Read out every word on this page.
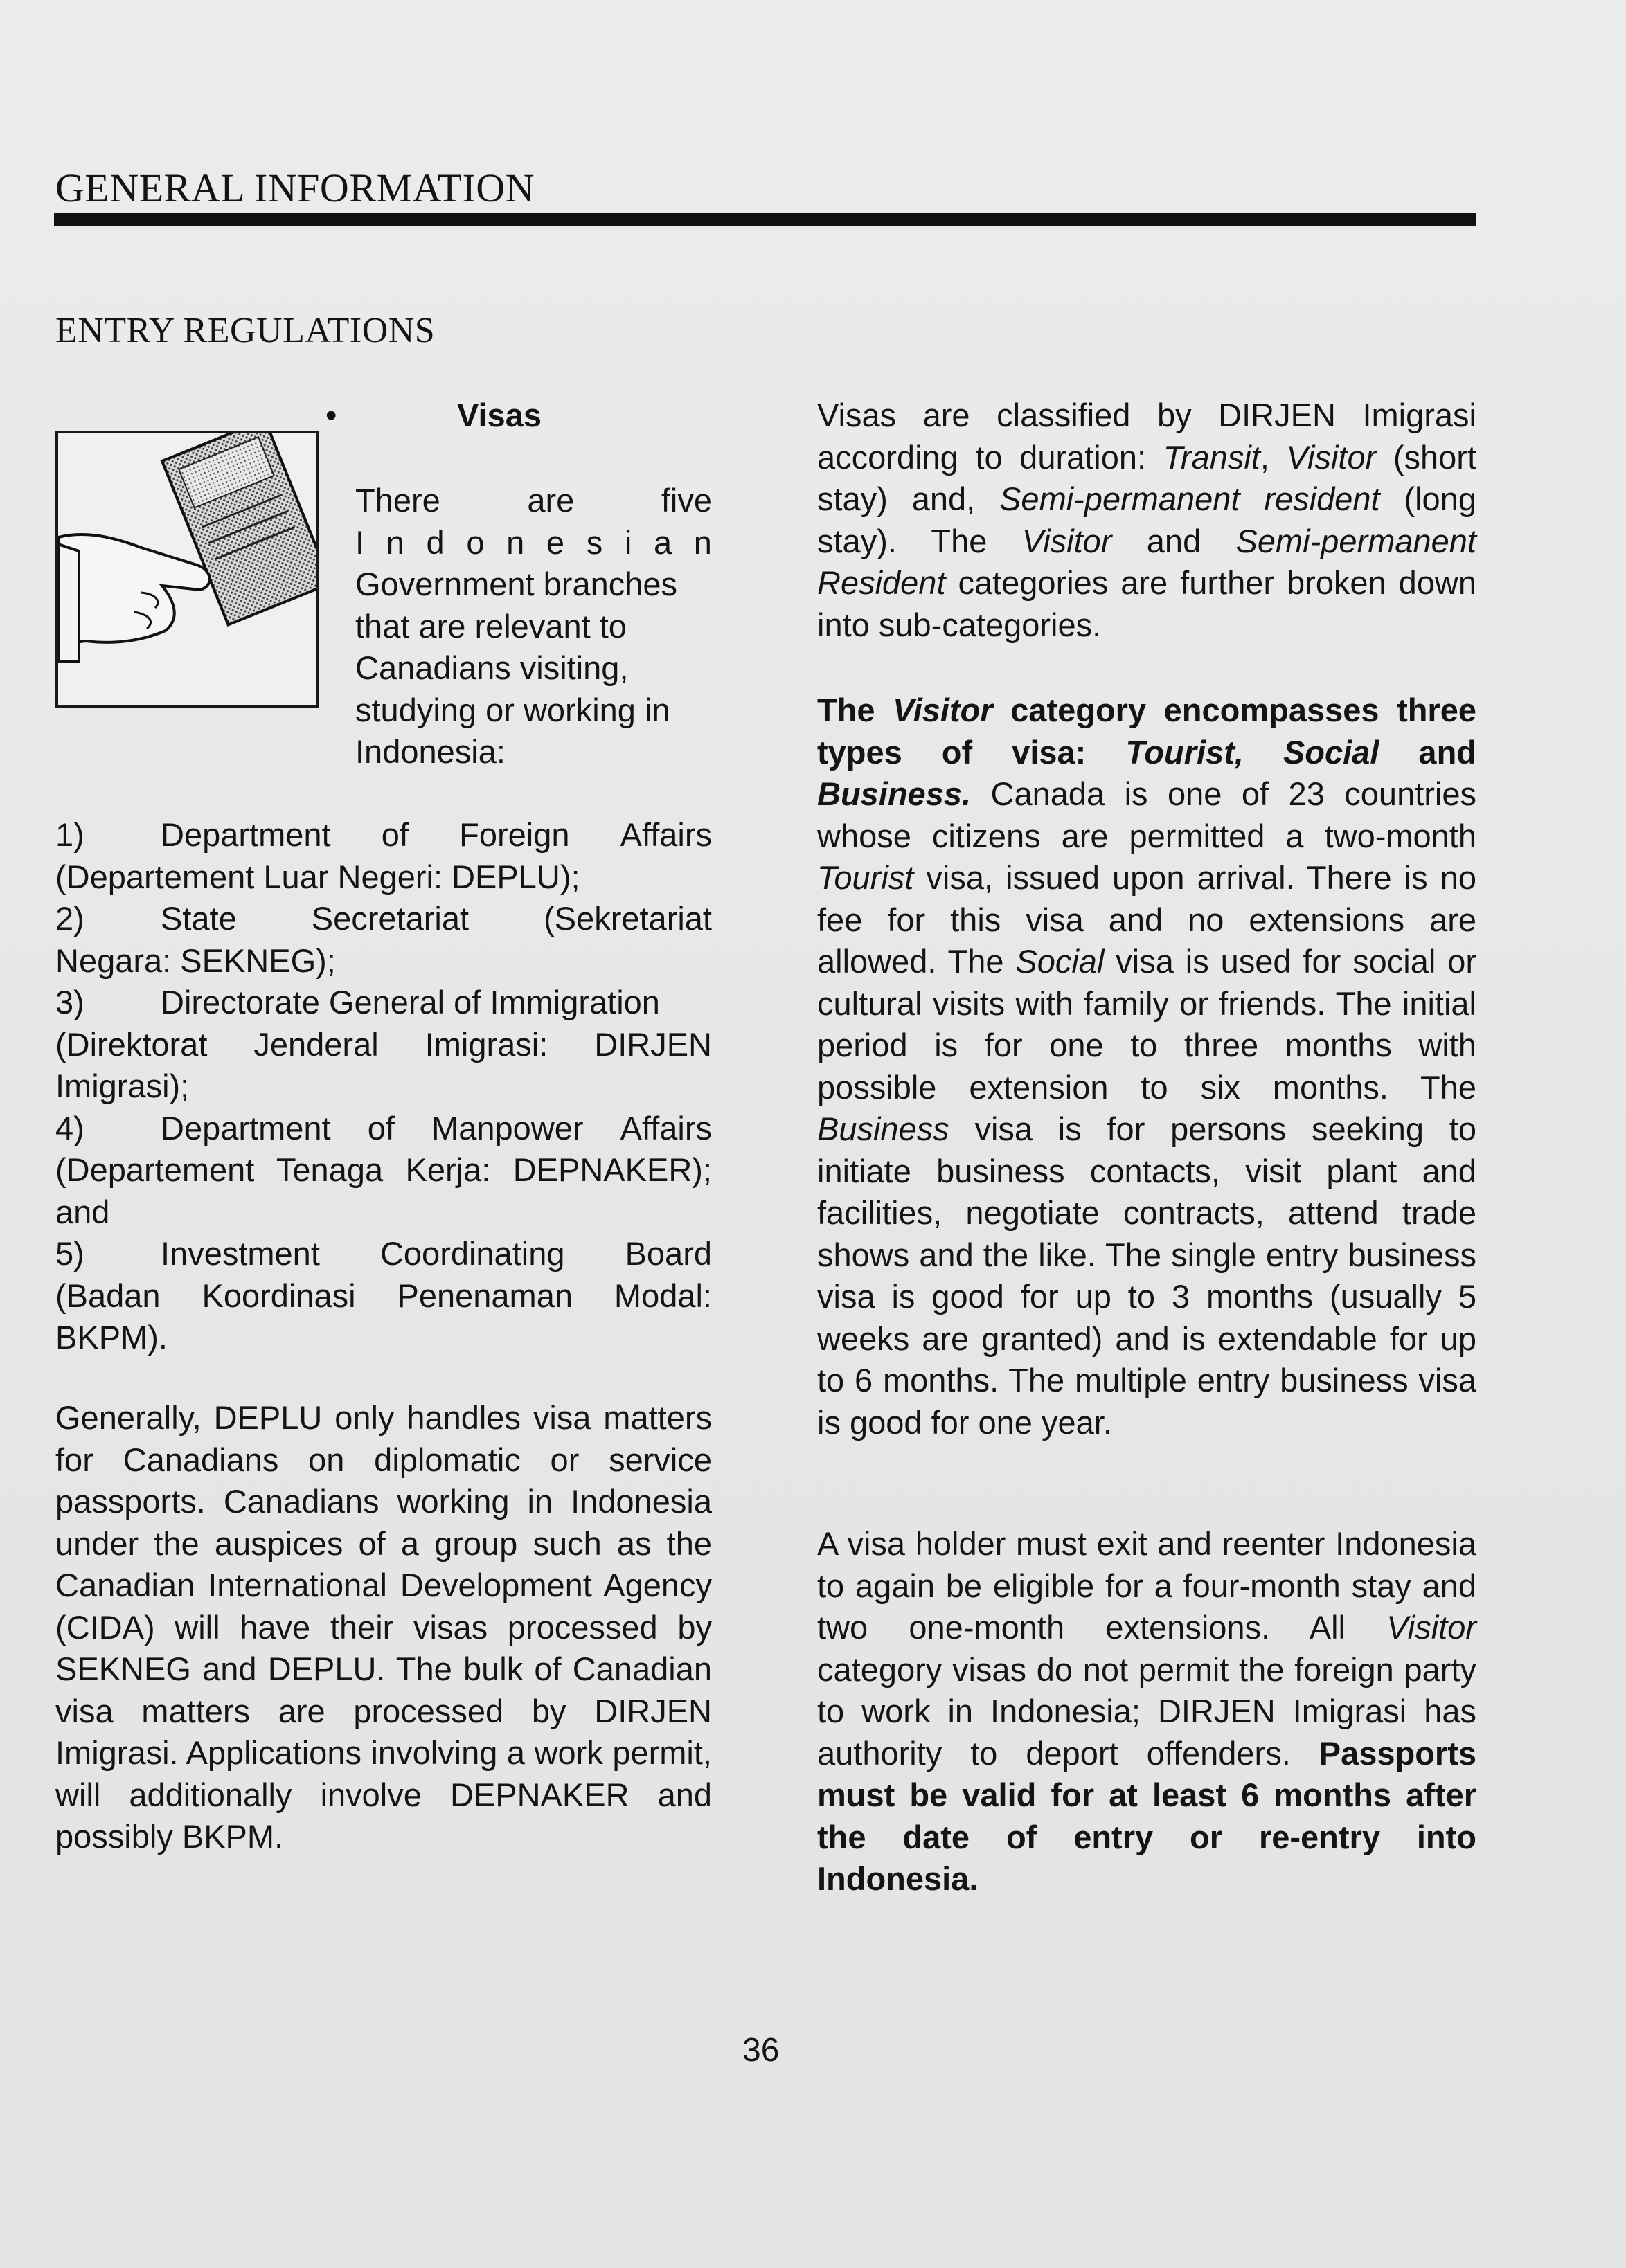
GENERAL INFORMATION
ENTRY REGULATIONS
•	Visas
There	are	five
I n d o n e s i a n
Government branches
that are relevant to
Canadians visiting,
studying or working in
Indonesia:
1)	Department of Foreign Affairs
(Departement Luar Negeri: DEPLU);
2)	State Secretariat (Sekretariat
Negara: SEKNEG);
3)	Directorate General of Immigration
(Direktorat Jenderal Imigrasi: DIRJEN Imigrasi);
4)	Department of Manpower Affairs
(Departement Tenaga Kerja: DEPNAKER); and
5)	Investment Coordinating Board
(Badan Koordinasi Penenaman Modal: BKPM).
Generally, DEPLU only handles visa matters for Canadians on diplomatic or service passports. Canadians working in Indonesia under the auspices of a group such as the Canadian International Development Agency (CIDA) will have their visas processed by SEKNEG and DEPLU. The bulk of Canadian visa matters are processed by DIRJEN Imigrasi. Applications involving a work permit, will additionally involve DEPNAKER and possibly BKPM.
Visas are classified by DIRJEN Imigrasi according to duration: Transit, Visitor (short stay) and, Semi-permanent resident (long stay). The Visitor and Semi-permanent Resident categories are further broken down into sub-categories.
The Visitor category encompasses three types of visa: Tourist, Social and Business. Canada is one of 23 countries whose citizens are permitted a two-month Tourist visa, issued upon arrival. There is no fee for this visa and no extensions are allowed. The Social visa is used for social or cultural visits with family or friends. The initial period is for one to three months with possible extension to six months. The Business visa is for persons seeking to initiate business contacts, visit plant and facilities, negotiate contracts, attend trade shows and the like. The single entry business visa is good for up to 3 months (usually 5 weeks are granted) and is extendable for up to 6 months. The multiple entry business visa is good for one year.
A visa holder must exit and reenter Indonesia to again be eligible for a four-month stay and two one-month extensions. All Visitor category visas do not permit the foreign party to work in Indonesia; DIRJEN Imigrasi has authority to deport offenders. Passports must be valid for at least 6 months after the date of entry or re-entry into Indonesia.
36
